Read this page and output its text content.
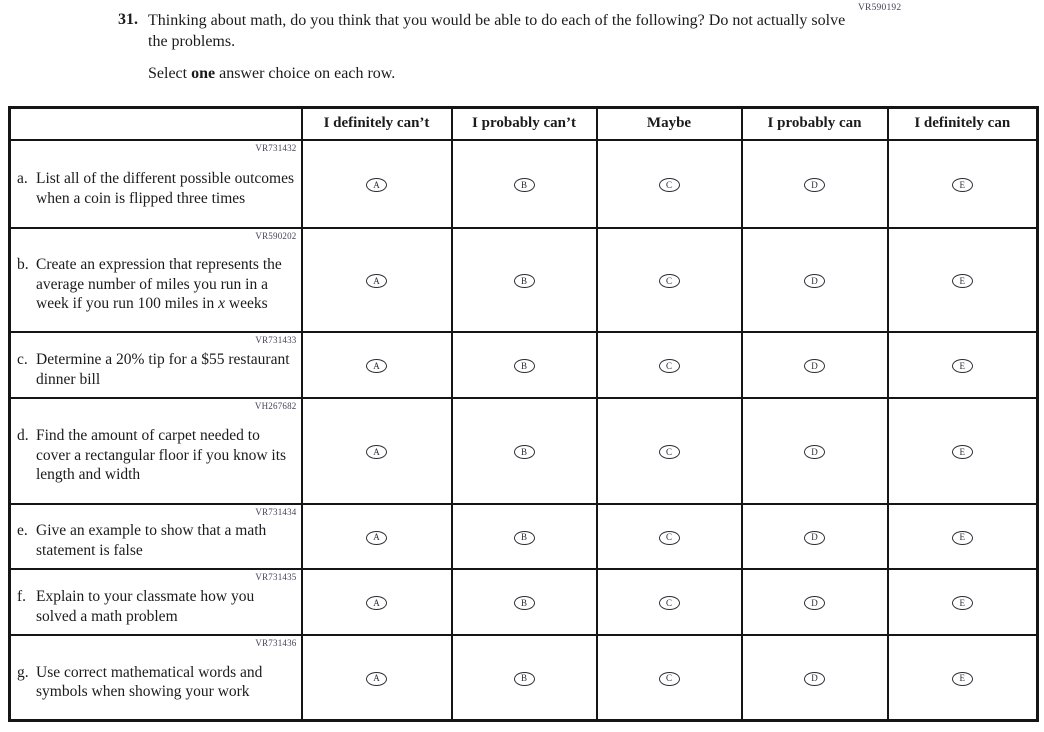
VR590192
31. Thinking about math, do you think that you would be able to do each of the following? Do not actually solve the problems.
Select one answer choice on each row.
	I definitely can’t	I probably can’t	Maybe	I probably can	I definitely can

VR731432
a. List all of the different possible outcomes when a coin is flipped three times	A	B	C	D	E

VR590202
b. Create an expression that represents the average number of miles you run in a week if you run 100 miles in x weeks	A	B	C	D	E

VR731433
c. Determine a 20% tip for a $55 restaurant dinner bill	A	B	C	D	E

VH267682
d. Find the amount of carpet needed to cover a rectangular floor if you know its length and width	A	B	C	D	E

VR731434
e. Give an example to show that a math statement is false	A	B	C	D	E

VR731435
f. Explain to your classmate how you solved a math problem	A	B	C	D	E

VR731436
g. Use correct mathematical words and symbols when showing your work	A	B	C	D	E
